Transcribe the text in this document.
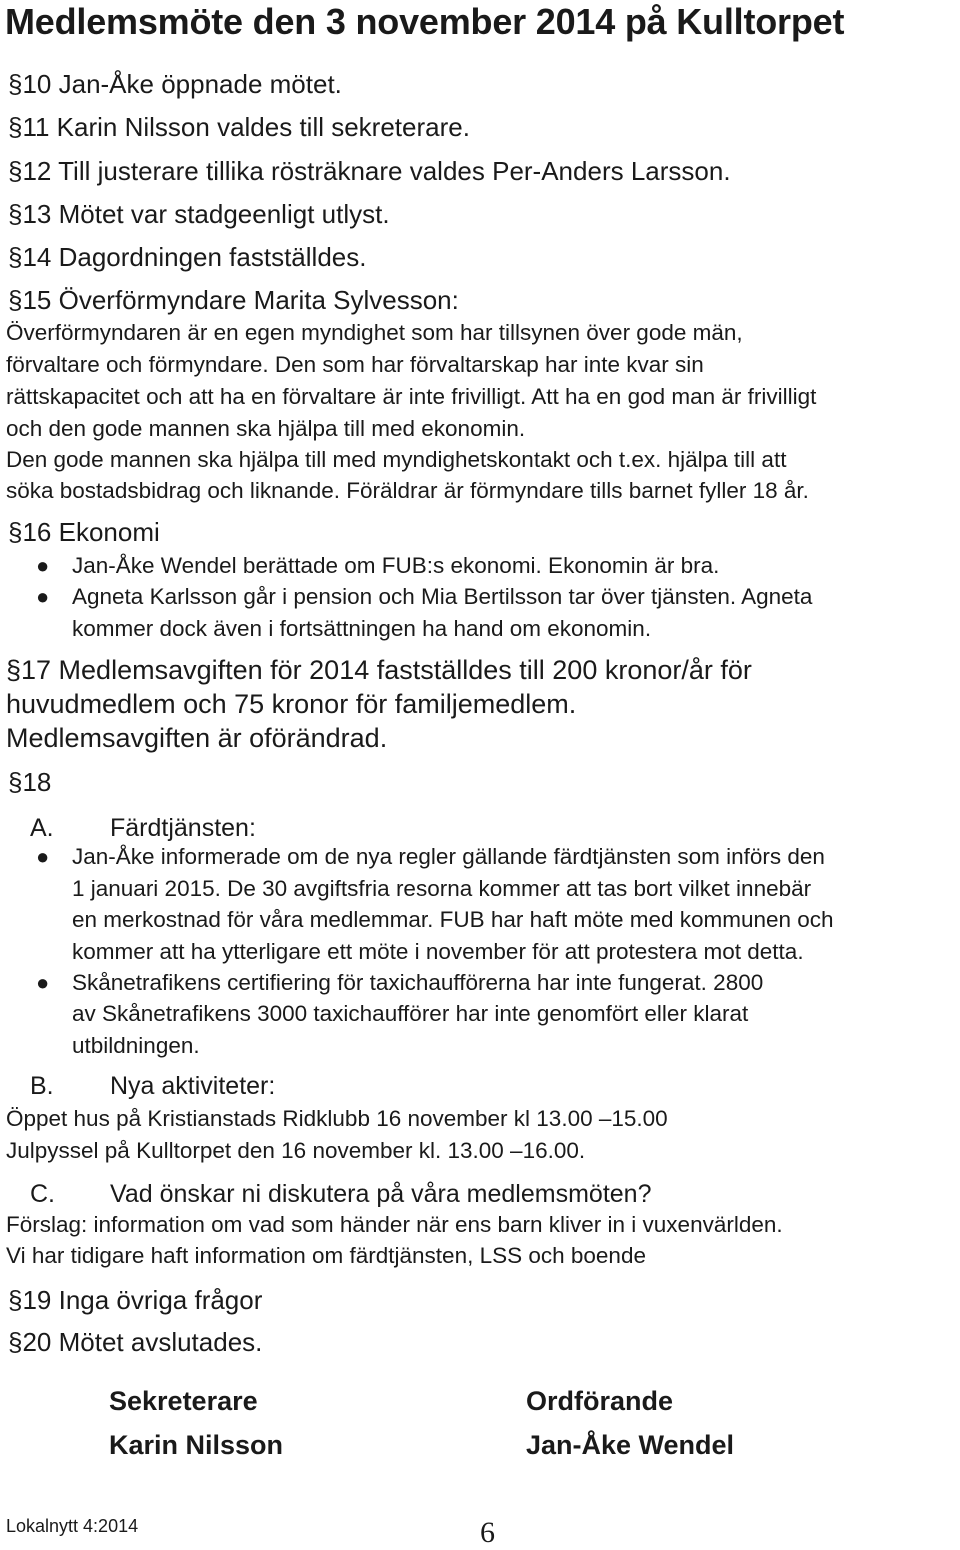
Medlemsmöte den 3 november 2014 på Kulltorpet
§10 Jan-Åke öppnade mötet.
§11 Karin Nilsson valdes till sekreterare.
§12 Till justerare tillika rösträknare valdes Per-Anders Larsson.
§13 Mötet var stadgeenligt utlyst.
§14 Dagordningen fastställdes.
§15 Överförmyndare Marita Sylvesson:
Överförmyndaren är en egen myndighet som har tillsynen över gode män,
förvaltare och förmyndare. Den som har förvaltarskap har inte kvar sin
rättskapacitet och att ha en förvaltare är inte frivilligt. Att ha en god man är frivilligt
och den gode mannen ska hjälpa till med ekonomin.
Den gode mannen ska hjälpa till med myndighetskontakt och t.ex. hjälpa till att
söka bostadsbidrag och liknande. Föräldrar är förmyndare tills barnet fyller 18 år.
§16 Ekonomi
● Jan-Åke Wendel berättade om FUB:s ekonomi. Ekonomin är bra.
● Agneta Karlsson går i pension och Mia Bertilsson tar över tjänsten. Agneta
kommer dock även i fortsättningen ha hand om ekonomin.
§17 Medlemsavgiften för 2014 fastställdes till 200 kronor/år för
huvudmedlem och 75 kronor för familjemedlem.
Medlemsavgiften är oförändrad.
§18
A. Färdtjänsten:
● Jan-Åke informerade om de nya regler gällande färdtjänsten som införs den
1 januari 2015. De 30 avgiftsfria resorna kommer att tas bort vilket innebär
en merkostnad för våra medlemmar. FUB har haft möte med kommunen och
kommer att ha ytterligare ett möte i november för att protestera mot detta.
● Skånetrafikens certifiering för taxichaufförerna har inte fungerat. 2800
av Skånetrafikens 3000 taxichaufförer har inte genomfört eller klarat
utbildningen.
B. Nya aktiviteter:
Öppet hus på Kristianstads Ridklubb 16 november kl 13.00 –15.00
Julpyssel på Kulltorpet den 16 november kl. 13.00 –16.00.
C. Vad önskar ni diskutera på våra medlemsmöten?
Förslag: information om vad som händer när ens barn kliver in i vuxenvärlden.
Vi har tidigare haft information om färdtjänsten, LSS och boende
§19 Inga övriga frågor
§20 Mötet avslutades.
Sekreterare
Karin Nilsson
Ordförande
Jan-Åke Wendel
Lokalnytt 4:2014	6
